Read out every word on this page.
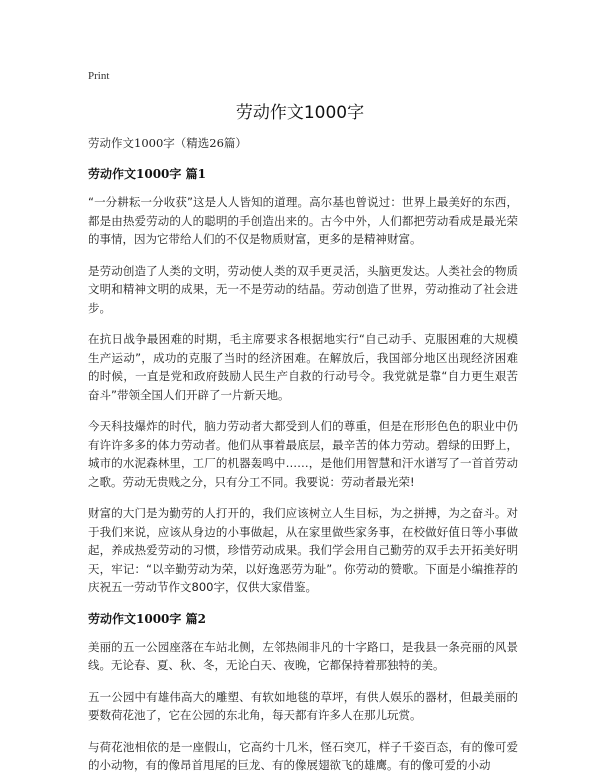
Print
劳动作文1000字

劳动作文1000字（精选26篇）

劳动作文1000字 篇1

“一分耕耘一分收获”这是人人皆知的道理。高尔基也曾说过：世界上最美好的东西，都是由热爱劳动的人的聪明的手创造出来的。古今中外，人们都把劳动看成是最光荣的事情，因为它带给人们的不仅是物质财富，更多的是精神财富。

是劳动创造了人类的文明，劳动使人类的双手更灵活，头脑更发达。人类社会的物质文明和精神文明的成果，无一不是劳动的结晶。劳动创造了世界，劳动推动了社会进步。

在抗日战争最困难的时期，毛主席要求各根据地实行“自己动手、克服困难的大规模生产运动”，成功的克服了当时的经济困难。在解放后，我国部分地区出现经济困难的时候，一直是党和政府鼓励人民生产自救的行动号令。我党就是靠“自力更生艰苦奋斗”带领全国人们开辟了一片新天地。

今天科技爆炸的时代，脑力劳动者大都受到人们的尊重，但是在形形色色的职业中仍有许许多多的体力劳动者。他们从事着最底层，最辛苦的体力劳动。碧绿的田野上，城市的水泥森林里，工厂的机器轰鸣中……，是他们用智慧和汗水谱写了一首首劳动之歌。劳动无贵贱之分，只有分工不同。我要说：劳动者最光荣!

财富的大门是为勤劳的人打开的，我们应该树立人生目标，为之拼搏，为之奋斗。对于我们来说，应该从身边的小事做起，从在家里做些家务事，在校做好值日等小事做起，养成热爱劳动的习惯，珍惜劳动成果。我们学会用自己勤劳的双手去开拓美好明天，牢记：“以辛勤劳动为荣，以好逸恶劳为耻”。你劳动的赞歌。下面是小编推荐的庆祝五一劳动节作文800字，仅供大家借鉴。

劳动作文1000字 篇2

美丽的五一公园座落在车站北侧，左邻热闹非凡的十字路口，是我县一条亮丽的风景线。无论春、夏、秋、冬，无论白天、夜晚，它都保持着那独特的美。

五一公园中有雄伟高大的雕塑、有软如地毯的草坪，有供人娱乐的器材，但最美丽的要数荷花池了，它在公园的东北角，每天都有许多人在那儿玩赏。

与荷花池相依的是一座假山，它高约十几米，怪石突兀，样子千姿百态，有的像可爱的小动物，有的像昂首甩尾的巨龙、有的像展翅欲飞的雄鹰。有的像可爱的小动
